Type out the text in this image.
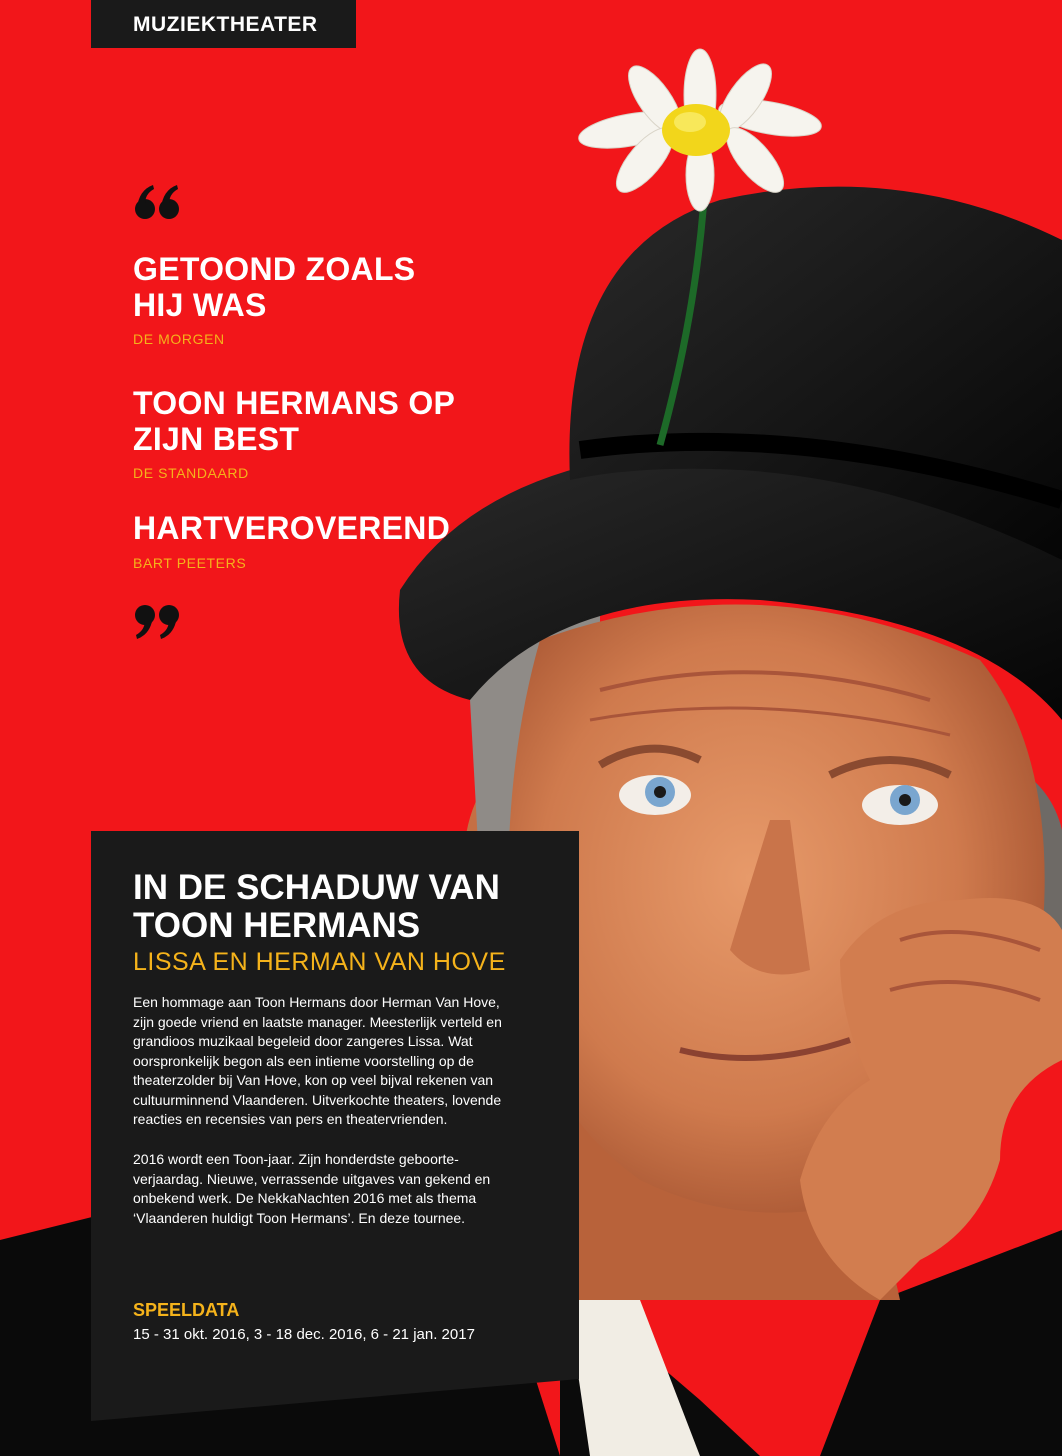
MUZIEKTHEATER
GETOOND ZOALS
HIJ WAS
DE MORGEN
TOON HERMANS OP
ZIJN BEST
DE STANDAARD
HARTVEROVEREND
BART PEETERS
IN DE SCHADUW VAN
TOON HERMANS
LISSA EN HERMAN VAN HOVE

Een hommage aan Toon Hermans door Herman Van Hove,
zijn goede vriend en laatste manager. Meesterlijk verteld en
grandioos muzikaal begeleid door zangeres Lissa. Wat
oorspronkelijk begon als een intieme voorstelling op de
theaterzolder bij Van Hove, kon op veel bijval rekenen van
cultuurminnend Vlaanderen. Uitverkochte theaters, lovende
reacties en recensies van pers en theatervrienden.

2016 wordt een Toon-jaar. Zijn honderdste geboorte-
verjaardag. Nieuwe, verrassende uitgaves van gekend en
onbekend werk. De NekkaNachten 2016 met als thema
‘Vlaanderen huldigt Toon Hermans’. En deze tournee.

SPEELDATA
15 - 31 okt. 2016, 3 - 18 dec. 2016, 6 - 21 jan. 2017
